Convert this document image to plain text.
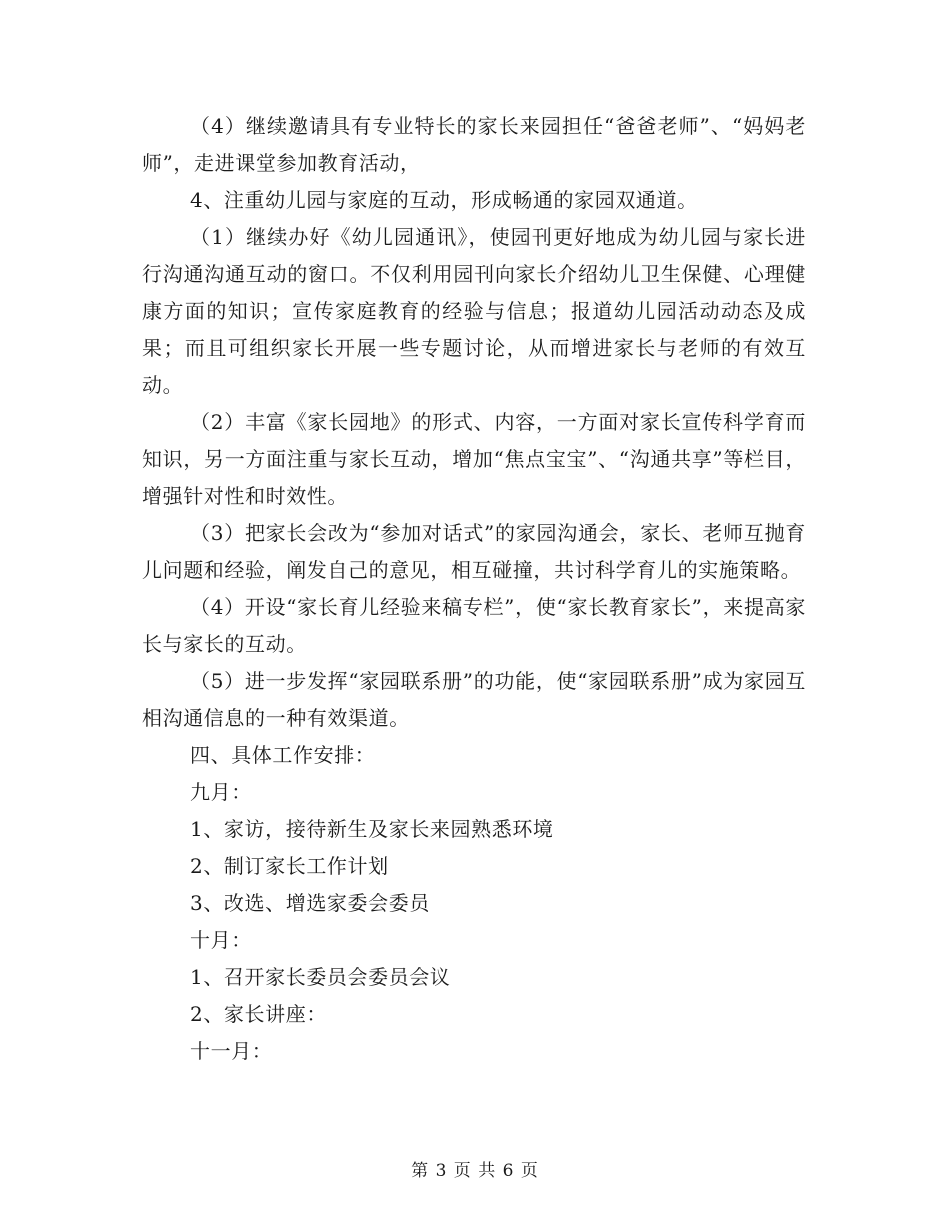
（4）继续邀请具有专业特长的家长来园担任“爸爸老师”、“妈妈老师”，走进课堂参加教育活动，

4、注重幼儿园与家庭的互动，形成畅通的家园双通道。

（1）继续办好《幼儿园通讯》，使园刊更好地成为幼儿园与家长进行沟通沟通互动的窗口。不仅利用园刊向家长介绍幼儿卫生保健、心理健康方面的知识；宣传家庭教育的经验与信息；报道幼儿园活动动态及成果；而且可组织家长开展一些专题讨论，从而增进家长与老师的有效互动。

（2）丰富《家长园地》的形式、内容，一方面对家长宣传科学育而知识，另一方面注重与家长互动，增加“焦点宝宝”、“沟通共享”等栏目，增强针对性和时效性。

（3）把家长会改为“参加对话式”的家园沟通会，家长、老师互抛育儿问题和经验，阐发自己的意见，相互碰撞，共讨科学育儿的实施策略。

（4）开设“家长育儿经验来稿专栏”，使“家长教育家长”，来提高家长与家长的互动。

（5）进一步发挥“家园联系册”的功能，使“家园联系册”成为家园互相沟通信息的一种有效渠道。

四、具体工作安排：

九月：

1、家访，接待新生及家长来园熟悉环境

2、制订家长工作计划

3、改选、增选家委会委员

十月：

1、召开家长委员会委员会议

2、家长讲座：

十一月：

第 3 页 共 6 页
